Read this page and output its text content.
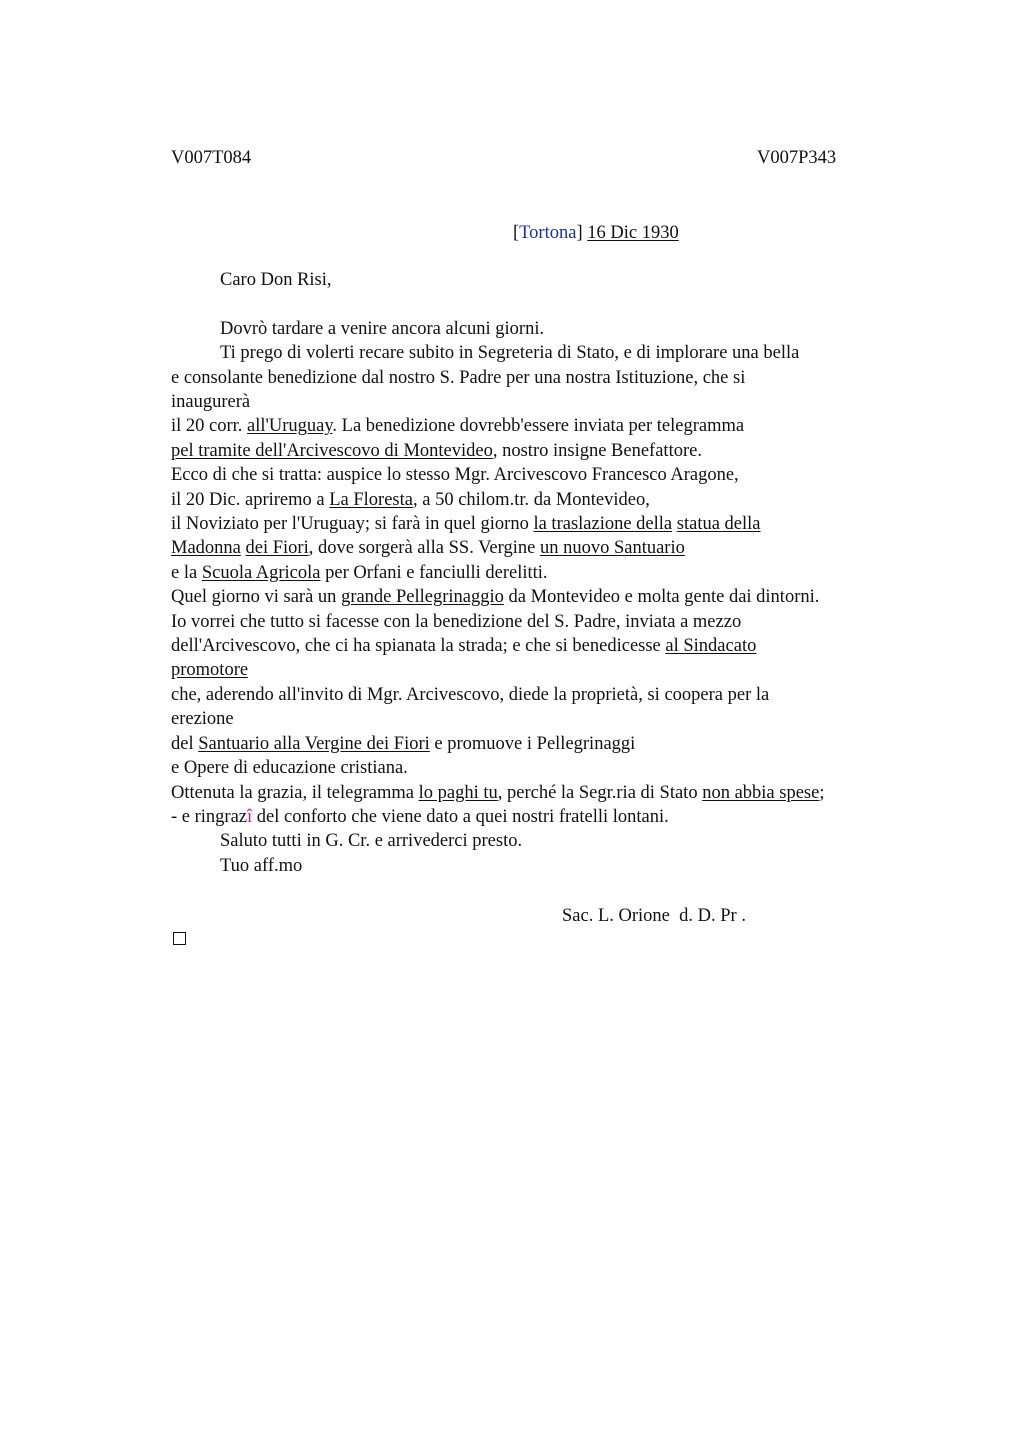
V007T084	V007P343
[Tortona] 16 Dic 1930
Caro Don Risi,
Dovrò tardare a venire ancora alcuni giorni.
Ti prego di volerti recare subito in Segreteria di Stato, e di implorare una bella
e consolante benedizione dal nostro S. Padre per una nostra Istituzione, che si
inaugurerà
il 20 corr. all'Uruguay. La benedizione dovrebb'essere inviata per telegramma
pel tramite dell'Arcivescovo di Montevideo, nostro insigne Benefattore.
Ecco di che si tratta: auspice lo stesso Mgr. Arcivescovo Francesco Aragone,
il 20 Dic. apriremo a La Floresta, a 50 chilom.tr. da Montevideo,
il Noviziato per l'Uruguay; si farà in quel giorno la traslazione della statua della
Madonna dei Fiori, dove sorgerà alla SS. Vergine un nuovo Santuario
e la Scuola Agricola per Orfani e fanciulli derelitti.
Quel giorno vi sarà un grande Pellegrinaggio da Montevideo e molta gente dai dintorni.
Io vorrei che tutto si facesse con la benedizione del S. Padre, inviata a mezzo
dell'Arcivescovo, che ci ha spianata la strada; e che si benedicesse al Sindacato
promotore
che, aderendo all'invito di Mgr. Arcivescovo, diede la proprietà, si coopera per la
erezione
del Santuario alla Vergine dei Fiori e promuove i Pellegrinaggi
e Opere di educazione cristiana.
Ottenuta la grazia, il telegramma lo paghi tu, perché la Segr.ria di Stato non abbia spese;
- e ringrazî del conforto che viene dato a quei nostri fratelli lontani.
Saluto tutti in G. Cr. e arrivederci presto.
Tuo aff.mo
Sac. L. Orione  d. D. Pr .
